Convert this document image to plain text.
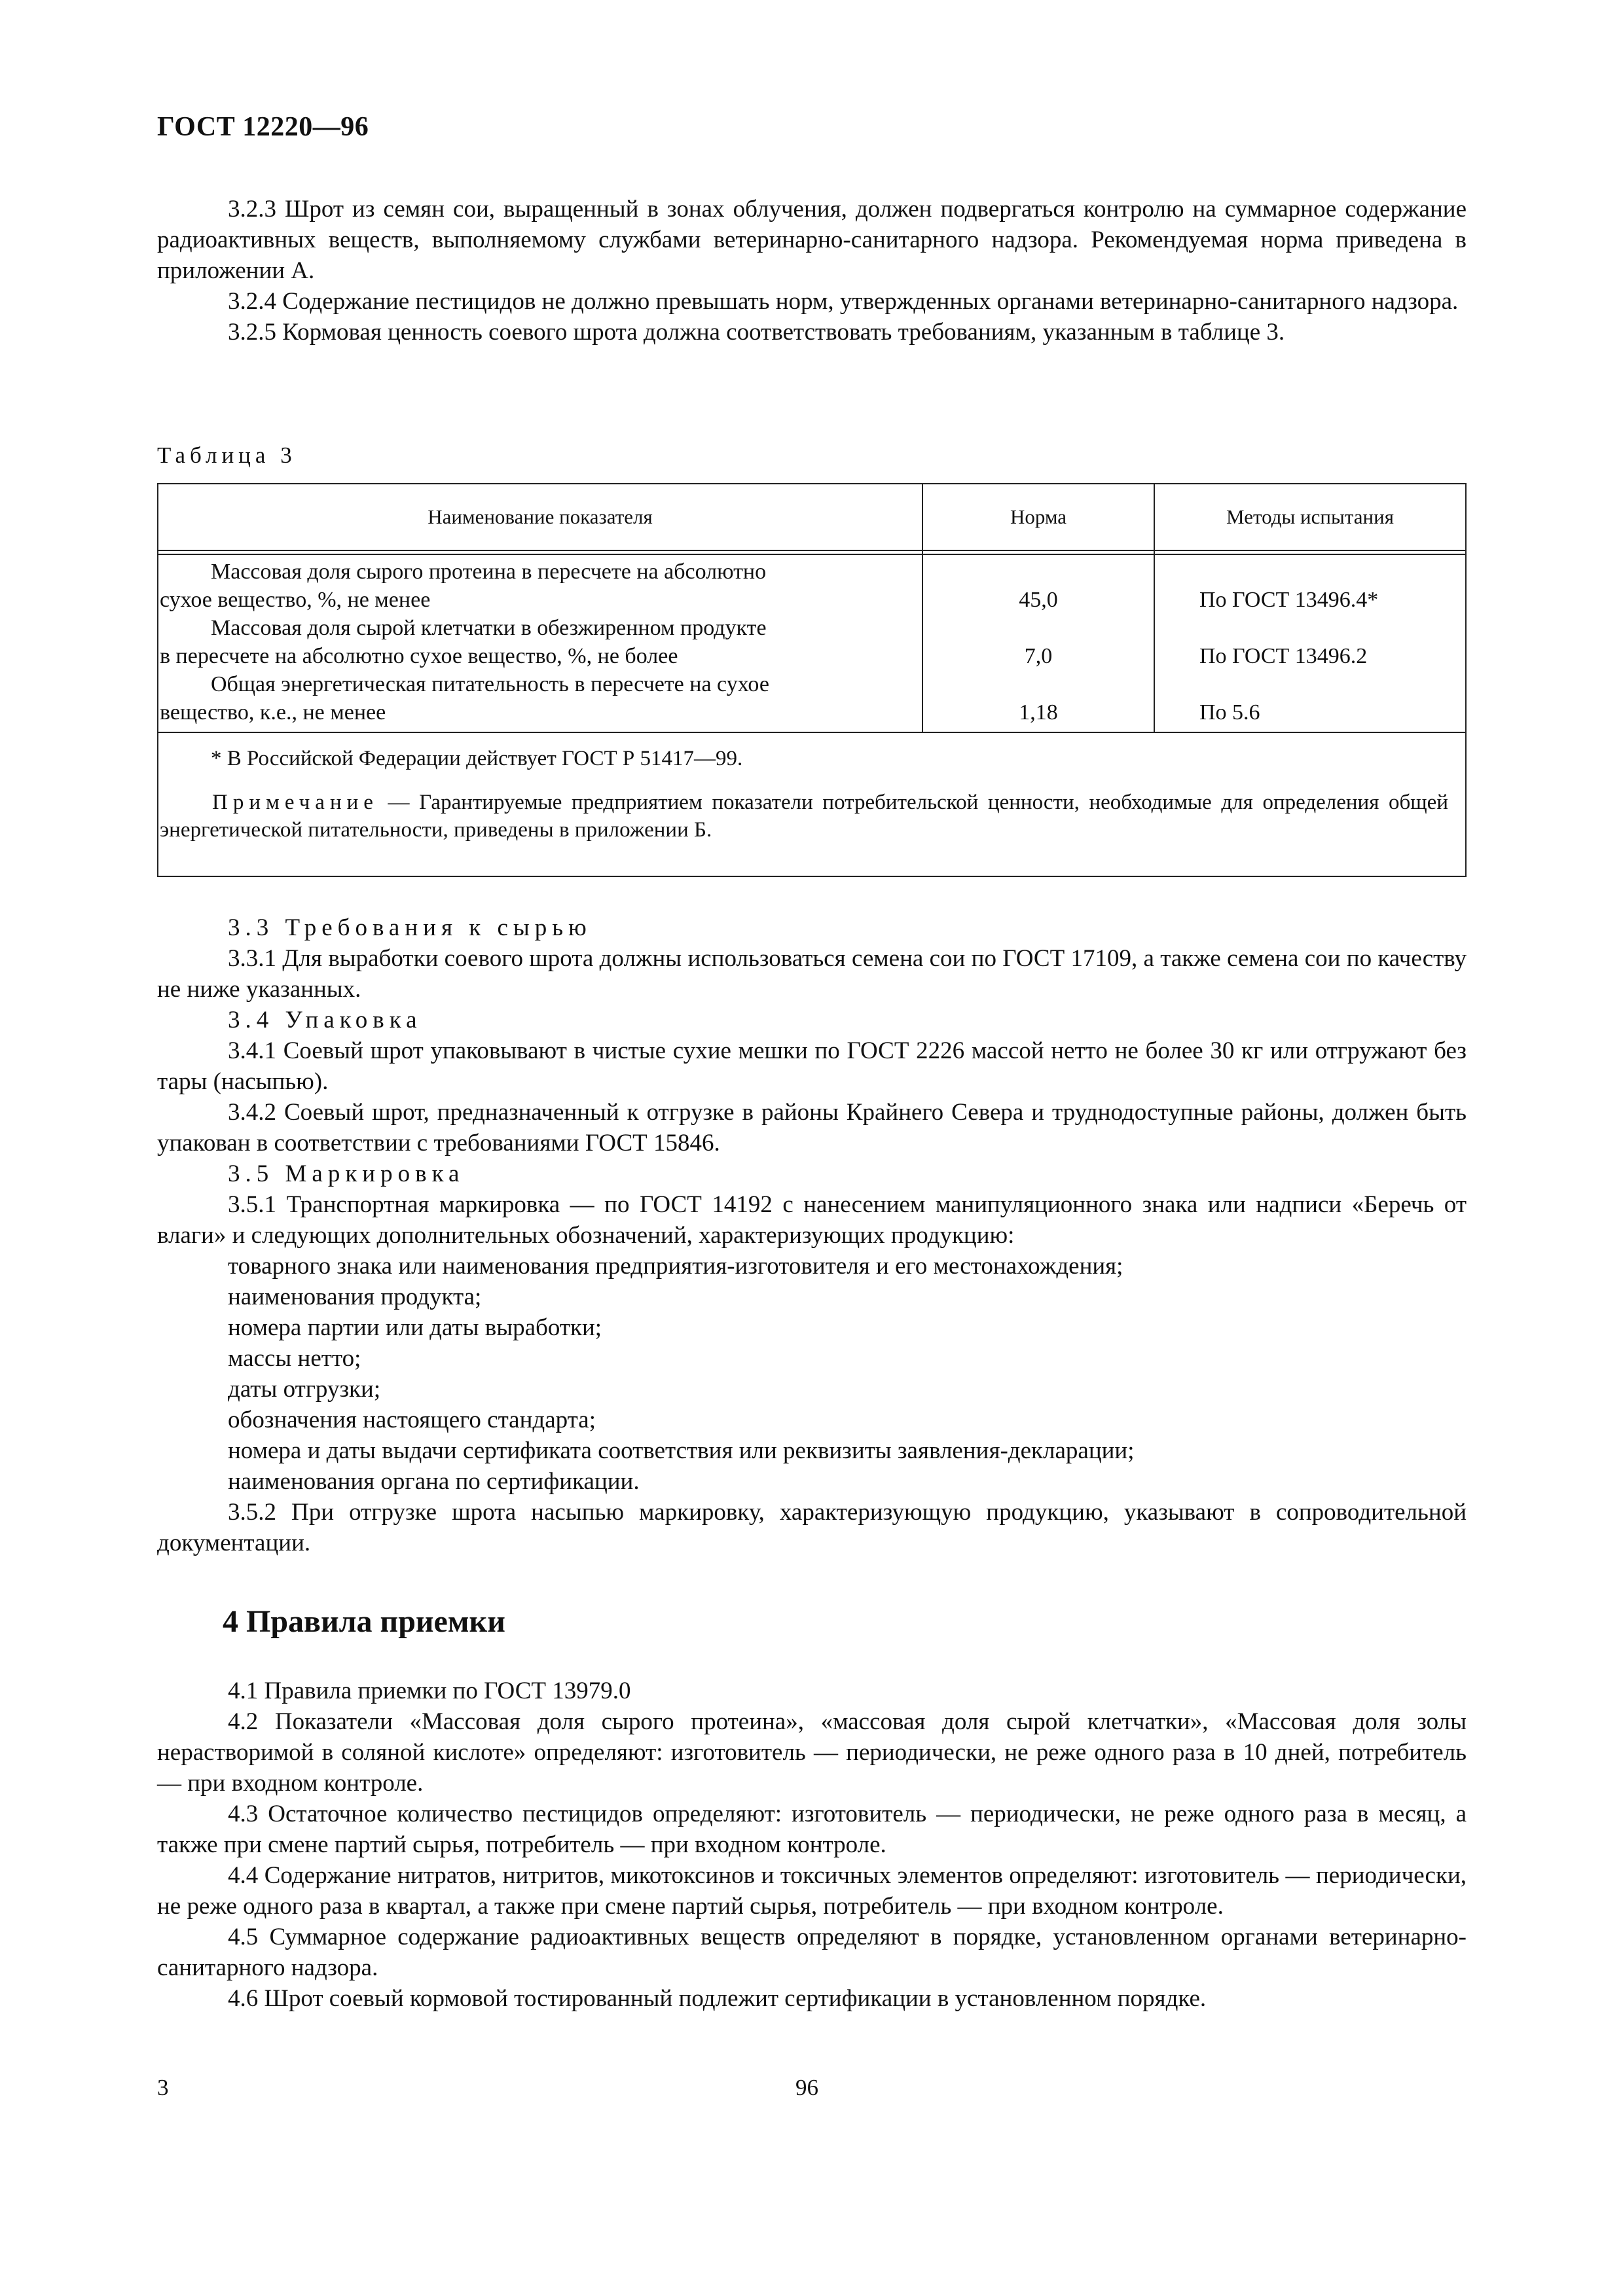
ГОСТ 12220—96

3.2.3 Шрот из семян сои, выращенный в зонах облучения, должен подвергаться контролю на суммарное содержание радиоактивных веществ, выполняемому службами ветеринарно-санитарного надзора. Рекомендуемая норма приведена в приложении А.

3.2.4 Содержание пестицидов не должно превышать норм, утвержденных органами ветеринарно-санитарного надзора.

3.2.5 Кормовая ценность соевого шрота должна соответствовать требованиям, указанным в таблице 3.

Таблица 3
Наименование показателя	Норма	Методы испытания
Массовая доля сырого протеина в пересчете на абсолютно
сухое вещество, %, не менее	45,0	По ГОСТ 13496.4*
Массовая доля сырой клетчатки в обезжиренном продукте
в пересчете на абсолютно сухое вещество, %, не более	7,0	По ГОСТ 13496.2
Общая энергетическая питательность в пересчете на сухое
вещество, к.е., не менее	1,18	По 5.6
* В Российской Федерации действует ГОСТ Р 51417—99.
Примечание — Гарантируемые предприятием показатели потребительской ценности, необходимые для определения общей энергетической питательности, приведены в приложении Б.

3.3 Требования к сырью

3.3.1 Для выработки соевого шрота должны использоваться семена сои по ГОСТ 17109, а также семена сои по качеству не ниже указанных.

3.4 Упаковка

3.4.1 Соевый шрот упаковывают в чистые сухие мешки по ГОСТ 2226 массой нетто не более 30 кг или отгружают без тары (насыпью).

3.4.2 Соевый шрот, предназначенный к отгрузке в районы Крайнего Севера и труднодоступные районы, должен быть упакован в соответствии с требованиями ГОСТ 15846.

3.5 Маркировка

3.5.1 Транспортная маркировка — по ГОСТ 14192 с нанесением манипуляционного знака или надписи «Беречь от влаги» и следующих дополнительных обозначений, характеризующих продукцию:

товарного знака или наименования предприятия-изготовителя и его местонахождения;

наименования продукта;

номера партии или даты выработки;

массы нетто;

даты отгрузки;

обозначения настоящего стандарта;

номера и даты выдачи сертификата соответствия или реквизиты заявления-декларации;

наименования органа по сертификации.

3.5.2 При отгрузке шрота насыпью маркировку, характеризующую продукцию, указывают в сопроводительной документации.

4 Правила приемки

4.1 Правила приемки по ГОСТ 13979.0

4.2 Показатели «Массовая доля сырого протеина», «массовая доля сырой клетчатки», «Массовая доля золы нерастворимой в соляной кислоте» определяют: изготовитель — периодически, не реже одного раза в 10 дней, потребитель — при входном контроле.

4.3 Остаточное количество пестицидов определяют: изготовитель — периодически, не реже одного раза в месяц, а также при смене партий сырья, потребитель — при входном контроле.

4.4 Содержание нитратов, нитритов, микотоксинов и токсичных элементов определяют: изготовитель — периодически, не реже одного раза в квартал, а также при смене партий сырья, потребитель — при входном контроле.

4.5 Суммарное содержание радиоактивных веществ определяют в порядке, установленном органами ветеринарно-санитарного надзора.

4.6 Шрот соевый кормовой тостированный подлежит сертификации в установленном порядке.

3	96
